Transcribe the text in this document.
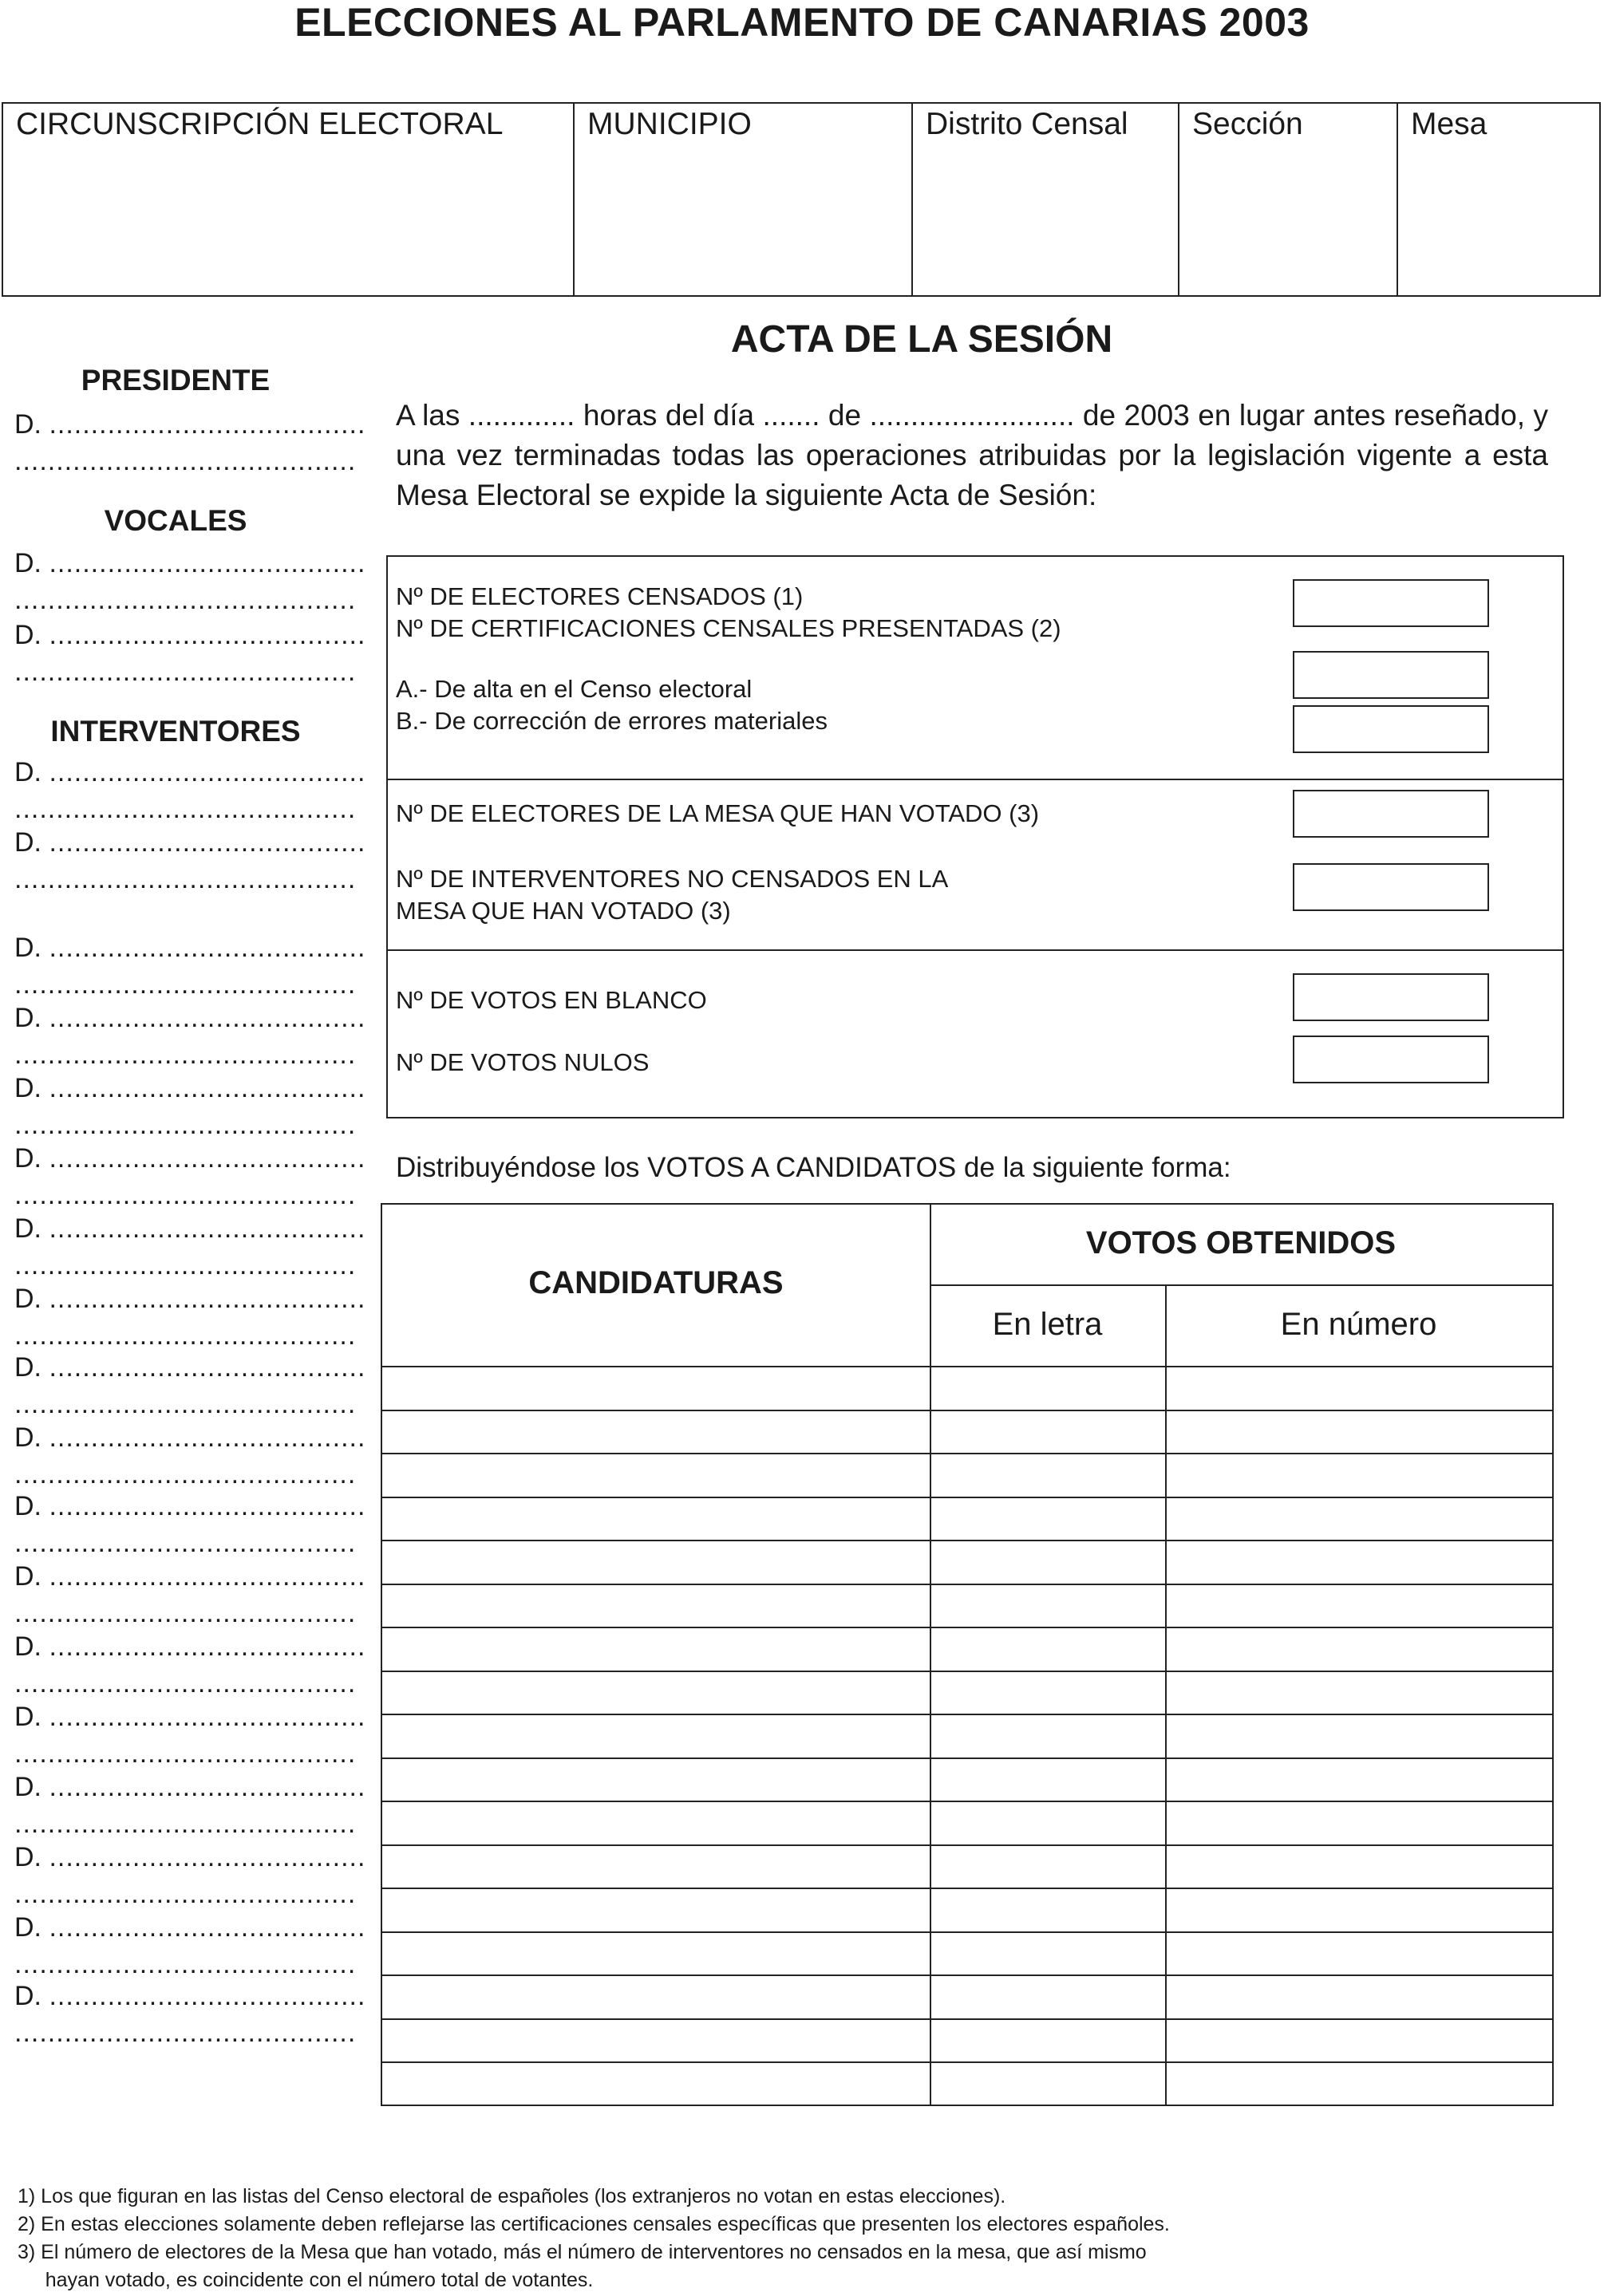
ELECCIONES AL PARLAMENTO DE CANARIAS 2003
CIRCUNSCRIPCIÓN ELECTORAL	MUNICIPIO	Distrito Censal	Sección	Mesa
PRESIDENTE
VOCALES
INTERVENTORES
D. ......................................
.........................................
D. ......................................
.........................................
D. ......................................
.........................................
D. ......................................
.........................................
D. ......................................
.........................................
D. ......................................
.........................................
D. ......................................
.........................................
D. ......................................
.........................................
D. ......................................
.........................................
D. ......................................
.........................................
D. ......................................
.........................................
D. ......................................
.........................................
D. ......................................
.........................................
D. ......................................
.........................................
D. ......................................
.........................................
D. ......................................
.........................................
D. ......................................
.........................................
D. ......................................
.........................................
D. ......................................
.........................................
D. ......................................
.........................................
D. ......................................
.........................................
ACTA DE LA SESIÓN
A las ............. horas del día ....... de ......................... de 2003 en lugar antes reseñado, y una vez terminadas todas las operaciones atribuidas por la legislación vigente a esta Mesa Electoral se expide la siguiente Acta de Sesión:
Nº DE ELECTORES CENSADOS (1)
Nº DE CERTIFICACIONES CENSALES PRESENTADAS (2)
A.- De alta en el Censo electoral
B.- De corrección de errores materiales
Nº DE ELECTORES DE LA MESA QUE HAN VOTADO (3)
Nº DE INTERVENTORES NO CENSADOS EN LA
MESA QUE HAN VOTADO (3)
Nº DE VOTOS EN BLANCO
Nº DE VOTOS NULOS
Distribuyéndose los VOTOS A CANDIDATOS de la siguiente forma:
CANDIDATURAS
VOTOS OBTENIDOS
En letra	En número
1) Los que figuran en las listas del Censo electoral de españoles (los extranjeros no votan en estas elecciones).
2) En estas elecciones solamente deben reflejarse las certificaciones censales específicas que presenten los electores españoles.
3) El número de electores de la Mesa que han votado, más el número de interventores no censados en la mesa, que así mismo
hayan votado, es coincidente con el número total de votantes.
